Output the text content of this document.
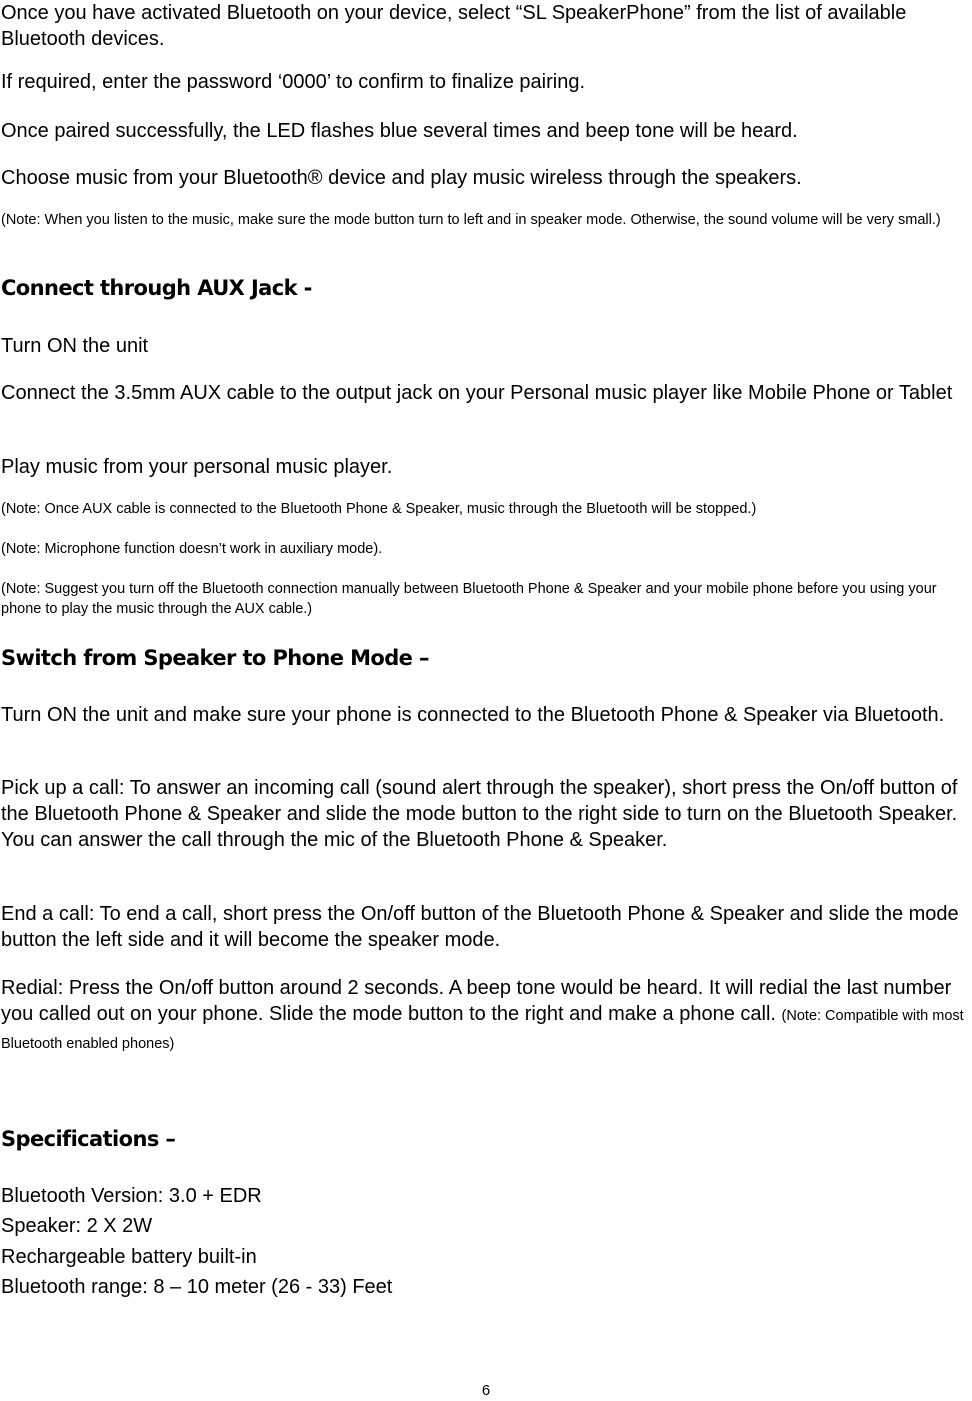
Once you have activated Bluetooth on your device, select “SL SpeakerPhone” from the list of available Bluetooth devices.

If required, enter the password ‘0000’ to confirm to finalize pairing.

Once paired successfully, the LED flashes blue several times and beep tone will be heard.

Choose music from your Bluetooth® device and play music wireless through the speakers.

(Note: When you listen to the music, make sure the mode button turn to left and in speaker mode. Otherwise, the sound volume will be very small.)

Connect through AUX Jack -

Turn ON the unit

Connect the 3.5mm AUX cable to the output jack on your Personal music player like Mobile Phone or Tablet

Play music from your personal music player.

(Note: Once AUX cable is connected to the Bluetooth Phone & Speaker, music through the Bluetooth will be stopped.)

(Note: Microphone function doesn’t work in auxiliary mode).

(Note: Suggest you turn off the Bluetooth connection manually between Bluetooth Phone & Speaker and your mobile phone before you using your phone to play the music through the AUX cable.)

Switch from Speaker to Phone Mode –

Turn ON the unit and make sure your phone is connected to the Bluetooth Phone & Speaker via Bluetooth.

Pick up a call: To answer an incoming call (sound alert through the speaker), short press the On/off button of the Bluetooth Phone & Speaker and slide the mode button to the right side to turn on the Bluetooth Speaker. You can answer the call through the mic of the Bluetooth Phone & Speaker.

End a call: To end a call, short press the On/off button of the Bluetooth Phone & Speaker and slide the mode button the left side and it will become the speaker mode.

Redial: Press the On/off button around 2 seconds. A beep tone would be heard. It will redial the last number you called out on your phone. Slide the mode button to the right and make a phone call. (Note: Compatible with most Bluetooth enabled phones)

Specifications –

Bluetooth Version: 3.0 + EDR

Speaker: 2 X 2W

Rechargeable battery built-in

Bluetooth range: 8 – 10 meter (26 - 33) Feet

6
